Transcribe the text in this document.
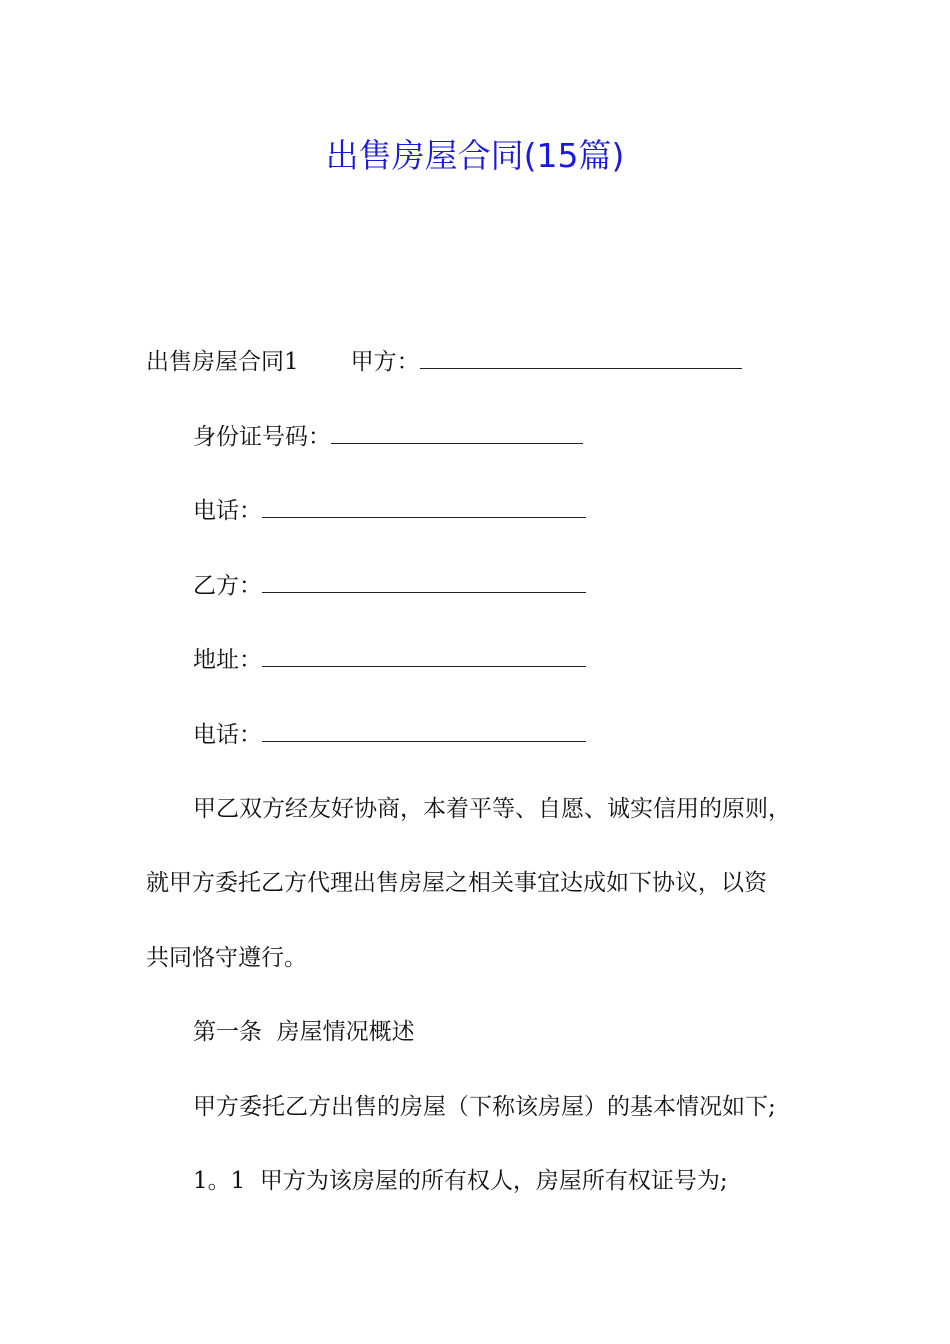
出售房屋合同(15篇)

出售房屋合同1 甲方：

身份证号码：

电话：

乙方：

地址：

电话：

甲乙双方经友好协商，本着平等、自愿、诚实信用的原则，

就甲方委托乙方代理出售房屋之相关事宜达成如下协议，以资

共同恪守遵行。

第一条  房屋情况概述

甲方委托乙方出售的房屋（下称该房屋）的基本情况如下;

1。1  甲方为该房屋的所有权人，房屋所有权证号为;
